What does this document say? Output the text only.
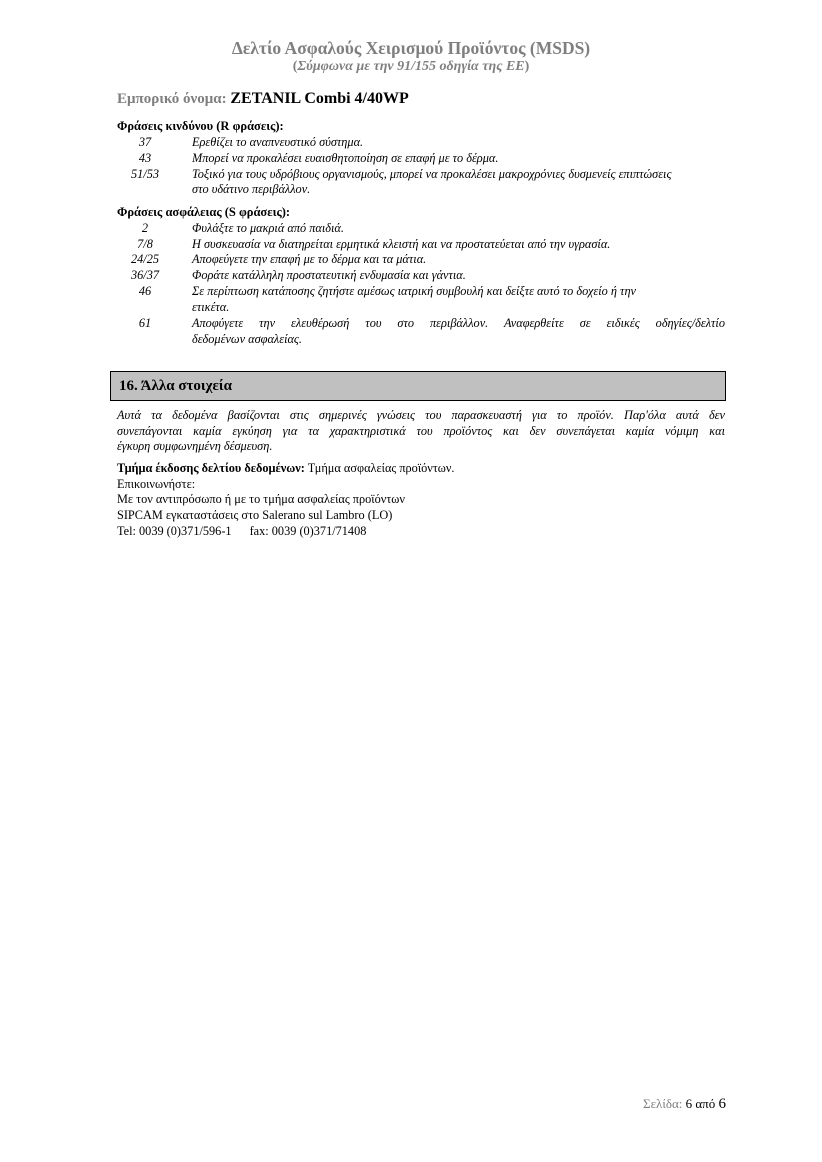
Δελτίο Ασφαλούς Χειρισμού Προϊόντος (MSDS)
(Σύμφωνα με την 91/155 οδηγία της ΕΕ)
Εμπορικό όνομα: ZETANIL Combi 4/40WP
Φράσεις κινδύνου (R φράσεις):
37	Ερεθίζει το αναπνευστικό σύστημα.
43	Μπορεί να προκαλέσει ευαισθητοποίηση σε επαφή με το δέρμα.
51/53	Τοξικό για τους υδρόβιους οργανισμούς, μπορεί να προκαλέσει μακροχρόνιες δυσμενείς επιπτώσεις
στο υδάτινο περιβάλλον.
Φράσεις ασφάλειας (S φράσεις):
2	Φυλάξτε το μακριά από παιδιά.
7/8	Η συσκευασία να διατηρείται ερμητικά κλειστή και να προστατεύεται από την υγρασία.
24/25	Αποφεύγετε την επαφή με το δέρμα και τα μάτια.
36/37	Φοράτε κατάλληλη προστατευτική ενδυμασία και γάντια.
46	Σε περίπτωση κατάποσης ζητήστε αμέσως ιατρική συμβουλή και δείξτε αυτό το δοχείο ή την
ετικέτα.
61	Αποφύγετε την ελευθέρωσή του στο περιβάλλον. Αναφερθείτε σε ειδικές οδηγίες/δελτίο
δεδομένων ασφαλείας.
16. Άλλα στοιχεία
Αυτά τα δεδομένα βασίζονται στις σημερινές γνώσεις του παρασκευαστή για το προϊόν. Παρ'όλα αυτά δεν
συνεπάγονται καμία εγκύηση για τα χαρακτηριστικά του προϊόντος και δεν συνεπάγεται καμία νόμιμη και
έγκυρη συμφωνημένη δέσμευση.
Τμήμα έκδοσης δελτίου δεδομένων: Τμήμα ασφαλείας προϊόντων.
Επικοινωνήστε:
Με τον αντιπρόσωπο ή με το τμήμα ασφαλείας προϊόντων
SIPCAM εγκαταστάσεις στο Salerano sul Lambro (LO)
Tel: 0039 (0)371/596-1 fax: 0039 (0)371/71408
Σελίδα: 6 από 6
